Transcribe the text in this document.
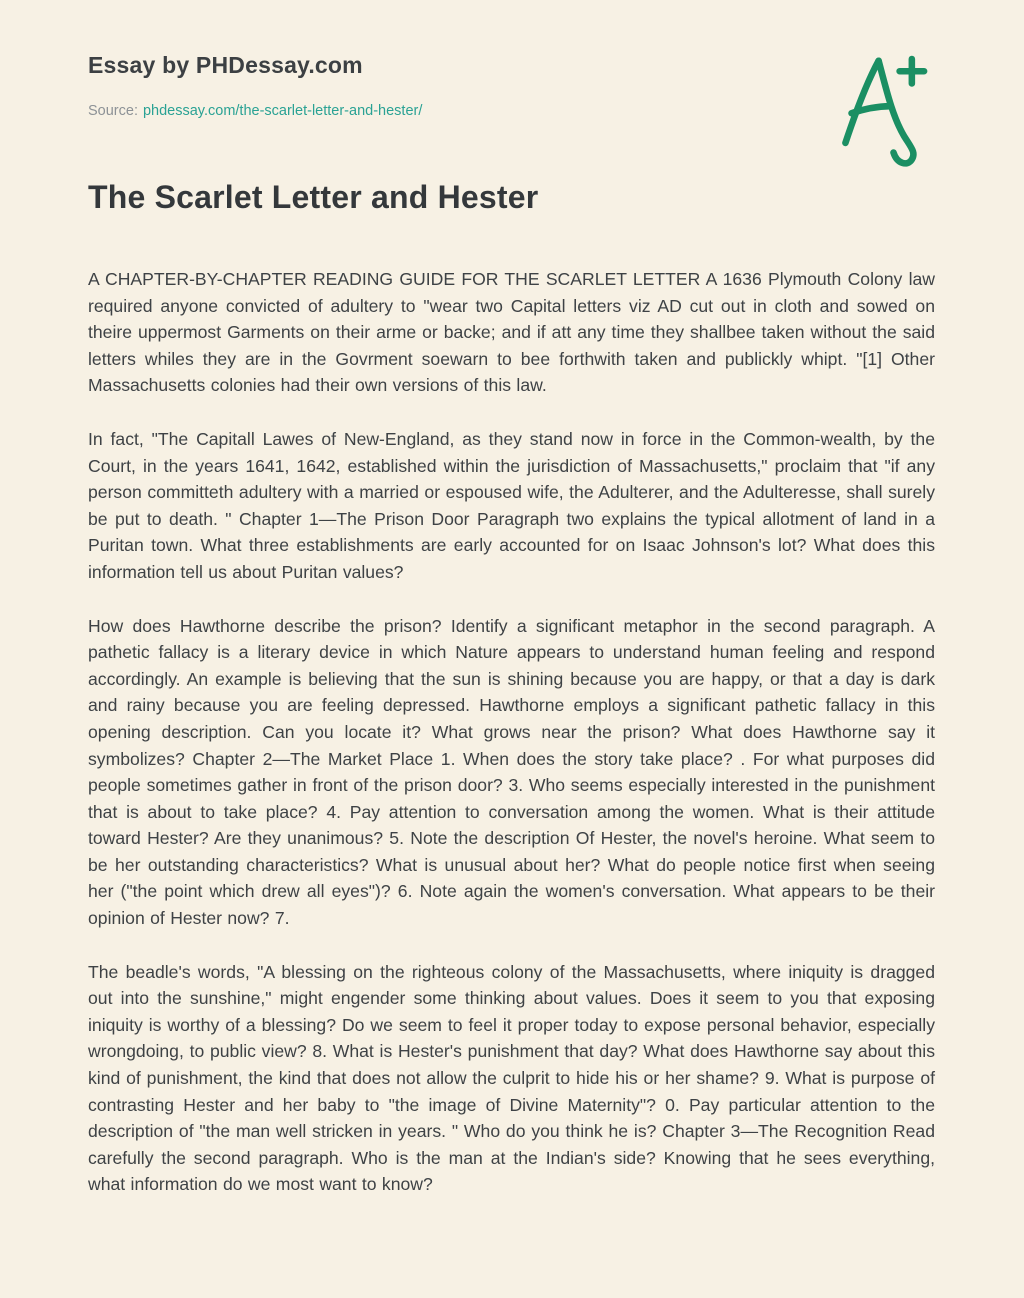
Essay by PHDessay.com
Source: phdessay.com/the-scarlet-letter-and-hester/
The Scarlet Letter and Hester

A CHAPTER-BY-CHAPTER READING GUIDE FOR THE SCARLET LETTER A 1636 Plymouth Colony law required anyone convicted of adultery to "wear two Capital letters viz AD cut out in cloth and sowed on theire uppermost Garments on their arme or backe; and if att any time they shallbee taken without the said letters whiles they are in the Govrment soewarn to bee forthwith taken and publickly whipt. "[1] Other Massachusetts colonies had their own versions of this law.

In fact, "The Capitall Lawes of New-England, as they stand now in force in the Common-wealth, by the Court, in the years 1641, 1642, established within the jurisdiction of Massachusetts," proclaim that "if any person committeth adultery with a married or espoused wife, the Adulterer, and the Adulteresse, shall surely be put to death. " Chapter 1—The Prison Door Paragraph two explains the typical allotment of land in a Puritan town. What three establishments are early accounted for on Isaac Johnson's lot? What does this information tell us about Puritan values?

How does Hawthorne describe the prison? Identify a significant metaphor in the second paragraph. A pathetic fallacy is a literary device in which Nature appears to understand human feeling and respond accordingly. An example is believing that the sun is shining because you are happy, or that a day is dark and rainy because you are feeling depressed. Hawthorne employs a significant pathetic fallacy in this opening description. Can you locate it? What grows near the prison? What does Hawthorne say it symbolizes? Chapter 2—The Market Place 1. When does the story take place? . For what purposes did people sometimes gather in front of the prison door? 3. Who seems especially interested in the punishment that is about to take place? 4. Pay attention to conversation among the women. What is their attitude toward Hester? Are they unanimous? 5. Note the description Of Hester, the novel's heroine. What seem to be her outstanding characteristics? What is unusual about her? What do people notice first when seeing her ("the point which drew all eyes")? 6. Note again the women's conversation. What appears to be their opinion of Hester now? 7.

The beadle's words, "A blessing on the righteous colony of the Massachusetts, where iniquity is dragged out into the sunshine," might engender some thinking about values. Does it seem to you that exposing iniquity is worthy of a blessing? Do we seem to feel it proper today to expose personal behavior, especially wrongdoing, to public view? 8. What is Hester's punishment that day? What does Hawthorne say about this kind of punishment, the kind that does not allow the culprit to hide his or her shame? 9. What is purpose of contrasting Hester and her baby to "the image of Divine Maternity"? 0. Pay particular attention to the description of "the man well stricken in years. " Who do you think he is? Chapter 3—The Recognition Read carefully the second paragraph. Who is the man at the Indian's side? Knowing that he sees everything, what information do we most want to know?
